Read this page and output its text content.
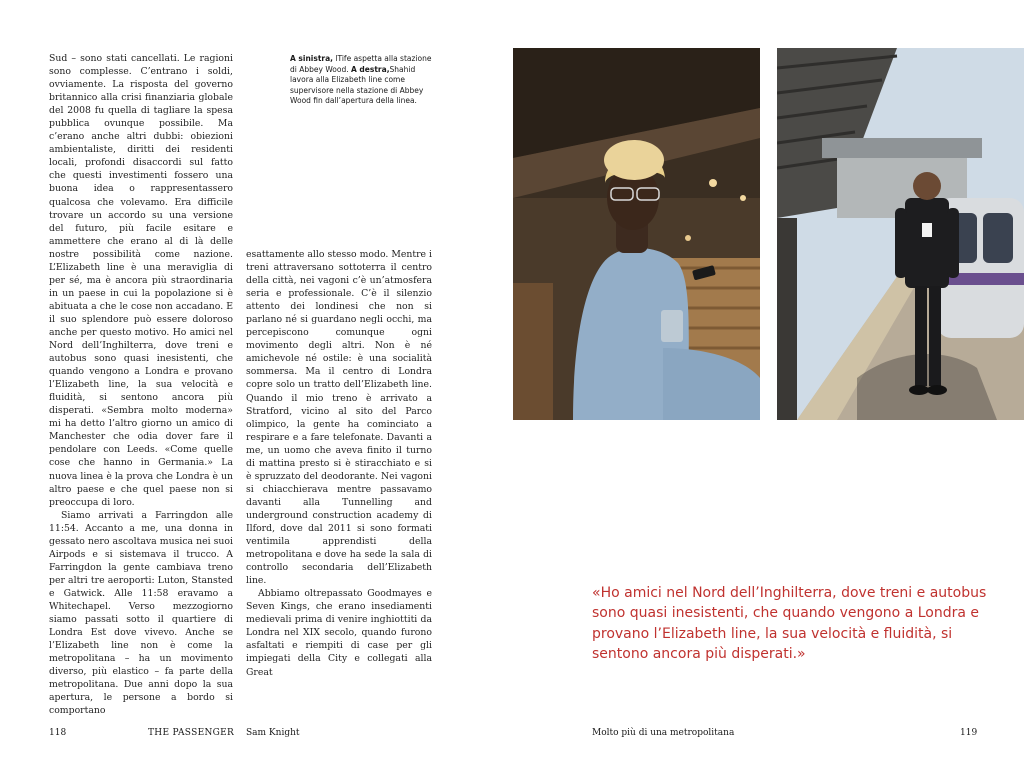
Sud – sono stati cancellati. Le ragioni sono complesse. C’entrano i soldi, ovviamente. La risposta del governo britannico alla crisi finanziaria globale del 2008 fu quella di tagliare la spesa pubblica ovunque possibile. Ma c’erano anche altri dubbi: obiezioni ambientaliste, diritti dei residenti locali, profondi disaccordi sul fatto che questi investimenti fossero una buona idea o rappresentassero qualcosa che volevamo. Era difficile trovare un accordo su una versione del futuro, più facile esitare e ammettere che erano al di là delle nostre possibilità come nazione. L’Elizabeth line è una meraviglia di per sé, ma è ancora più straordinaria in un paese in cui la popolazione si è abituata a che le cose non accadano. E il suo splendore può essere doloroso anche per questo motivo. Ho amici nel Nord dell’Inghilterra, dove treni e autobus sono quasi inesistenti, che quando vengono a Londra e provano l’Elizabeth line, la sua velocità e fluidità, si sentono ancora più disperati. «Sembra molto moderna» mi ha detto l’altro giorno un amico di Manchester che odia dover fare il pendolare con Leeds. «Come quelle cose che hanno in Germania.» La nuova linea è la prova che Londra è un altro paese e che quel paese non si preoccupa di loro.

Siamo arrivati a Farringdon alle 11:54. Accanto a me, una donna in gessato nero ascoltava musica nei suoi Airpods e si sistemava il trucco. A Farringdon la gente cambiava treno per altri tre aeroporti: Luton, Stansted e Gatwick. Alle 11:58 eravamo a Whitechapel. Verso mezzogiorno siamo passati sotto il quartiere di Londra Est dove vivevo. Anche se l’Elizabeth line non è come la metropolitana – ha un movimento diverso, più elastico – fa parte della metropolitana. Due anni dopo la sua apertura, le persone a bordo si comportano

A sinistra, lTife aspetta alla stazione di Abbey Wood. A destra,Shahid lavora alla Elizabeth line come supervisore nella stazione di Abbey Wood fin dall’apertura della linea.

esattamente allo stesso modo. Mentre i treni attraversano sottoterra il centro della città, nei vagoni c’è un’atmosfera seria e professionale. C’è il silenzio attento dei londinesi che non si parlano né si guardano negli occhi, ma percepiscono comunque ogni movimento degli altri. Non è né amichevole né ostile: è una socialità sommersa. Ma il centro di Londra copre solo un tratto dell’Elizabeth line. Quando il mio treno è arrivato a Stratford, vicino al sito del Parco olimpico, la gente ha cominciato a respirare e a fare telefonate. Davanti a me, un uomo che aveva finito il turno di mattina presto si è stiracchiato e si è spruzzato del deodorante. Nei vagoni si chiacchierava mentre passavamo davanti alla Tunnelling and underground construction academy di Ilford, dove dal 2011 si sono formati ventimila apprendisti della metropolitana e dove ha sede la sala di controllo secondaria dell’Elizabeth line.

Abbiamo oltrepassato Goodmayes e Seven Kings, che erano insediamenti medievali prima di venire inghiottiti da Londra nel XIX secolo, quando furono asfaltati e riempiti di case per gli impiegati della City e collegati alla Great

118	THE PASSENGER Sam Knight
«Ho amici nel Nord dell’Inghilterra, dove treni e autobus sono quasi inesistenti, che quando vengono a Londra e provano l’Elizabeth line, la sua velocità e fluidità, si sentono ancora più disperati.»
Molto più di una metropolitana	119
